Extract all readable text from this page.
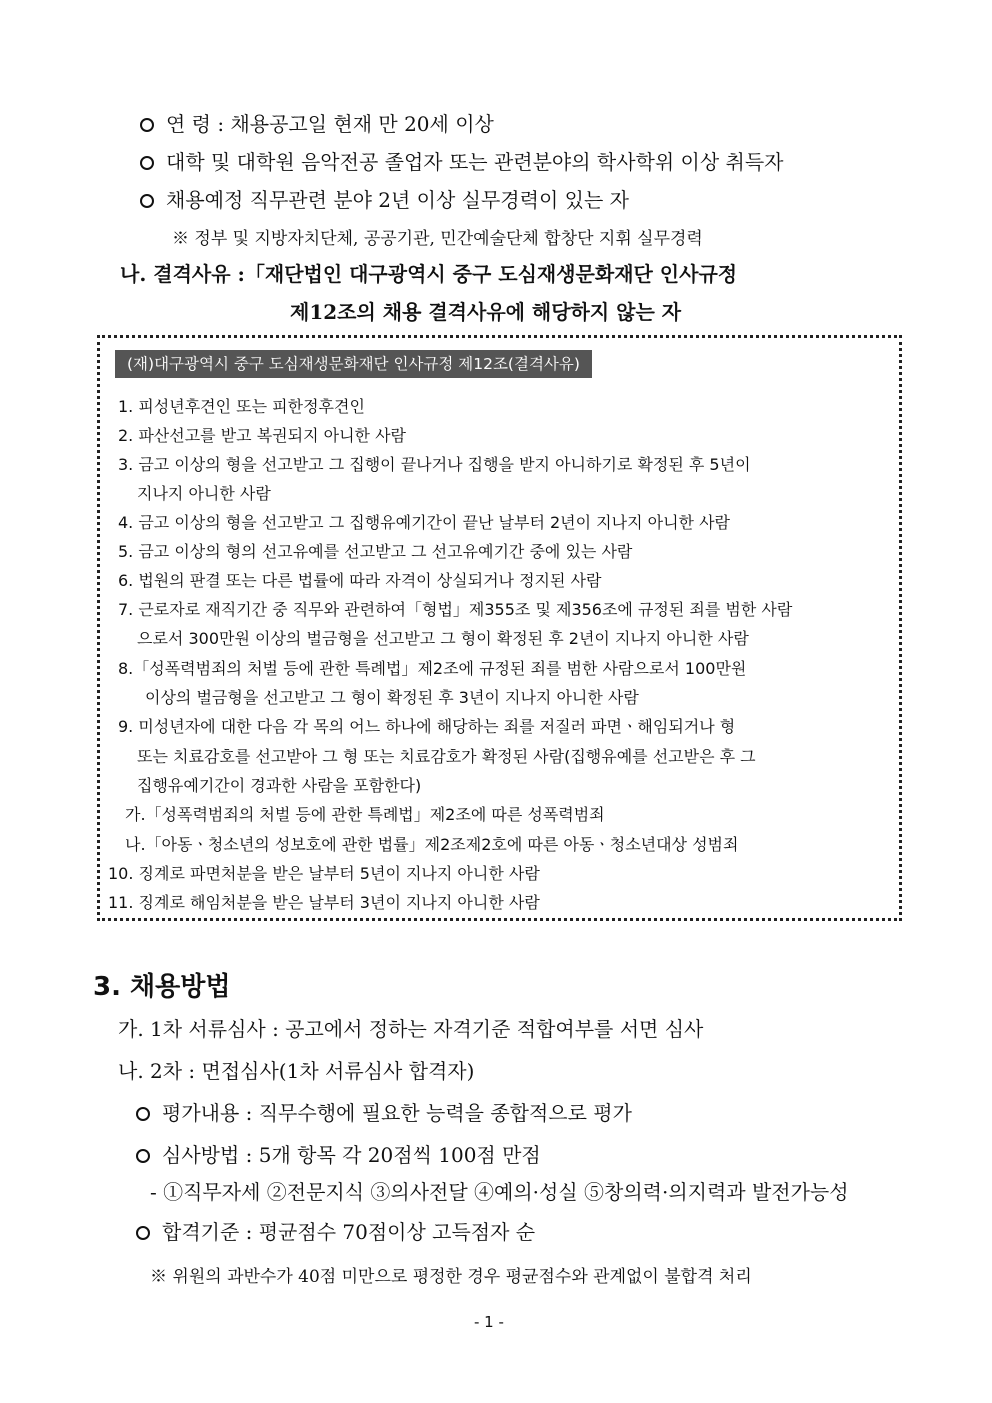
연 령 : 채용공고일 현재 만 20세 이상
대학 및 대학원 음악전공 졸업자 또는 관련분야의 학사학위 이상 취득자
채용예정 직무관련 분야 2년 이상 실무경력이 있는 자
※ 정부 및 지방자치단체, 공공기관, 민간예술단체 합창단 지휘 실무경력
나. 결격사유 :「재단법인 대구광역시 중구 도심재생문화재단 인사규정
제12조의 채용 결격사유에 해당하지 않는 자
(재)대구광역시 중구 도심재생문화재단 인사규정 제12조(결격사유)
1. 피성년후견인 또는 피한정후견인
2. 파산선고를 받고 복권되지 아니한 사람
3. 금고 이상의 형을 선고받고 그 집행이 끝나거나 집행을 받지 아니하기로 확정된 후 5년이
지나지 아니한 사람
4. 금고 이상의 형을 선고받고 그 집행유예기간이 끝난 날부터 2년이 지나지 아니한 사람
5. 금고 이상의 형의 선고유예를 선고받고 그 선고유예기간 중에 있는 사람
6. 법원의 판결 또는 다른 법률에 따라 자격이 상실되거나 정지된 사람
7. 근로자로 재직기간 중 직무와 관련하여「형법」제355조 및 제356조에 규정된 죄를 범한 사람
으로서 300만원 이상의 벌금형을 선고받고 그 형이 확정된 후 2년이 지나지 아니한 사람
8.「성폭력범죄의 처벌 등에 관한 특례법」제2조에 규정된 죄를 범한 사람으로서 100만원
이상의 벌금형을 선고받고 그 형이 확정된 후 3년이 지나지 아니한 사람
9. 미성년자에 대한 다음 각 목의 어느 하나에 해당하는 죄를 저질러 파면ㆍ해임되거나 형
또는 치료감호를 선고받아 그 형 또는 치료감호가 확정된 사람(집행유예를 선고받은 후 그
집행유예기간이 경과한 사람을 포함한다)
가.「성폭력범죄의 처벌 등에 관한 특례법」제2조에 따른 성폭력범죄
나.「아동ㆍ청소년의 성보호에 관한 법률」제2조제2호에 따른 아동ㆍ청소년대상 성범죄
10. 징계로 파면처분을 받은 날부터 5년이 지나지 아니한 사람
11. 징계로 해임처분을 받은 날부터 3년이 지나지 아니한 사람
3. 채용방법
가. 1차 서류심사 : 공고에서 정하는 자격기준 적합여부를 서면 심사
나. 2차 : 면접심사(1차 서류심사 합격자)
평가내용 : 직무수행에 필요한 능력을 종합적으로 평가
심사방법 : 5개 항목 각 20점씩 100점 만점
- ①직무자세 ②전문지식 ③의사전달 ④예의·성실 ⑤창의력·의지력과 발전가능성
합격기준 : 평균점수 70점이상 고득점자 순
※ 위원의 과반수가 40점 미만으로 평정한 경우 평균점수와 관계없이 불합격 처리
- 1 -
